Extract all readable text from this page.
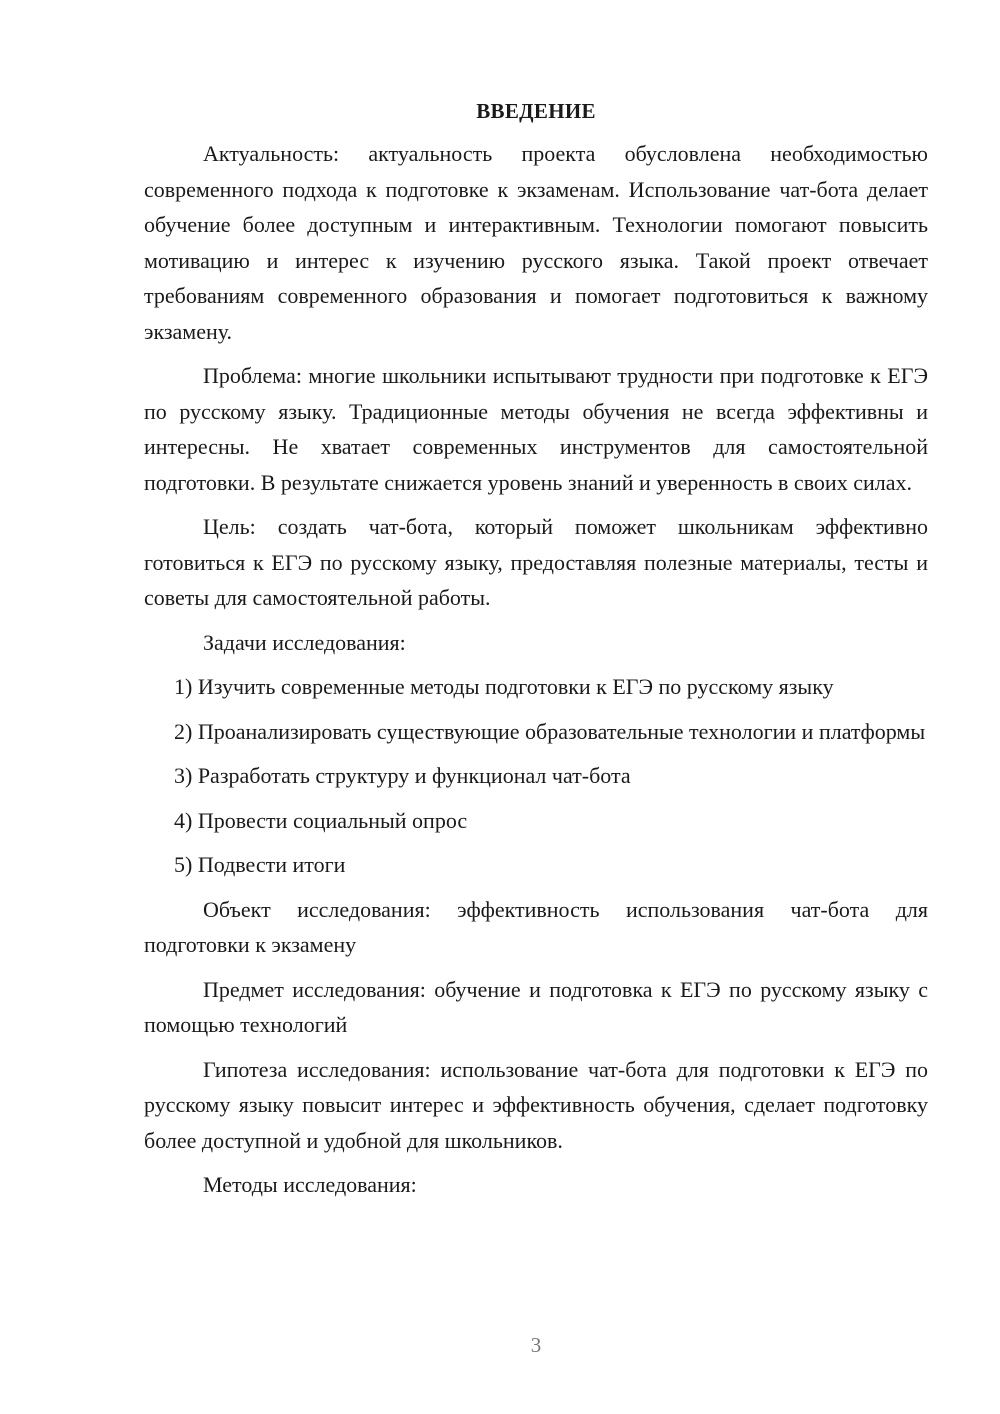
ВВЕДЕНИЕ

Актуальность: актуальность проекта обусловлена необходимостью современного подхода к подготовке к экзаменам. Использование чат-бота делает обучение более доступным и интерактивным. Технологии помогают повысить мотивацию и интерес к изучению русского языка. Такой проект отвечает требованиям современного образования и помогает подготовиться к важному экзамену.

Проблема: многие школьники испытывают трудности при подготовке к ЕГЭ по русскому языку. Традиционные методы обучения не всегда эффективны и интересны. Не хватает современных инструментов для самостоятельной подготовки. В результате снижается уровень знаний и уверенность в своих силах.

Цель: создать чат-бота, который поможет школьникам эффективно готовиться к ЕГЭ по русскому языку, предоставляя полезные материалы, тесты и советы для самостоятельной работы.

Задачи исследования:

1) Изучить современные методы подготовки к ЕГЭ по русскому языку

2) Проанализировать существующие образовательные технологии и платформы

3) Разработать структуру и функционал чат-бота

4) Провести социальный опрос

5) Подвести итоги

Объект исследования: эффективность использования чат-бота для подготовки к экзамену

Предмет исследования: обучение и подготовка к ЕГЭ по русскому языку с помощью технологий

Гипотеза исследования: использование чат-бота для подготовки к ЕГЭ по русскому языку повысит интерес и эффективность обучения, сделает подготовку более доступной и удобной для школьников.

Методы исследования:

3
